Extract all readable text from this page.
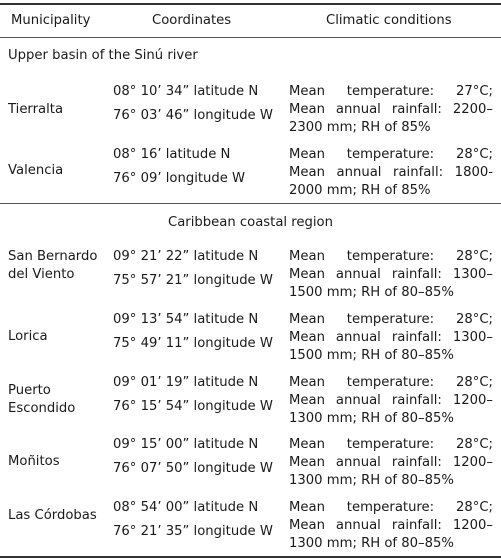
Municipality	Coordinates	Climatic conditions
Upper basin of the Sinú river
Tierralta
08° 10’ 34” latitude N
76° 03’ 46” longitude W
Mean temperature: 27°C; Mean annual rainfall: 2200–2300 mm; RH of 85%
Valencia
08° 16’ latitude N
76° 09’ longitude W
Mean temperature: 28°C; Mean annual rainfall: 1800-2000 mm; RH of 85%
Caribbean coastal region
San Bernardo del Viento
09° 21’ 22” latitude N
75° 57’ 21” longitude W
Mean temperature: 28°C; Mean annual rainfall: 1300–1500 mm; RH of 80–85%
Lorica
09° 13’ 54” latitude N
75° 49’ 11” longitude W
Mean temperature: 28°C; Mean annual rainfall: 1300–1500 mm; RH of 80–85%
Puerto Escondido
09° 01’ 19” latitude N
76° 15’ 54” longitude W
Mean temperature: 28°C; Mean annual rainfall: 1200–1300 mm; RH of 80–85%
Moñitos
09° 15’ 00” latitude N
76° 07’ 50” longitude W
Mean temperature: 28°C; Mean annual rainfall: 1200–1300 mm; RH of 80–85%
Las Córdobas
08° 54’ 00” latitude N
76° 21’ 35” longitude W
Mean temperature: 28°C; Mean annual rainfall: 1200–1300 mm; RH of 80–85%
